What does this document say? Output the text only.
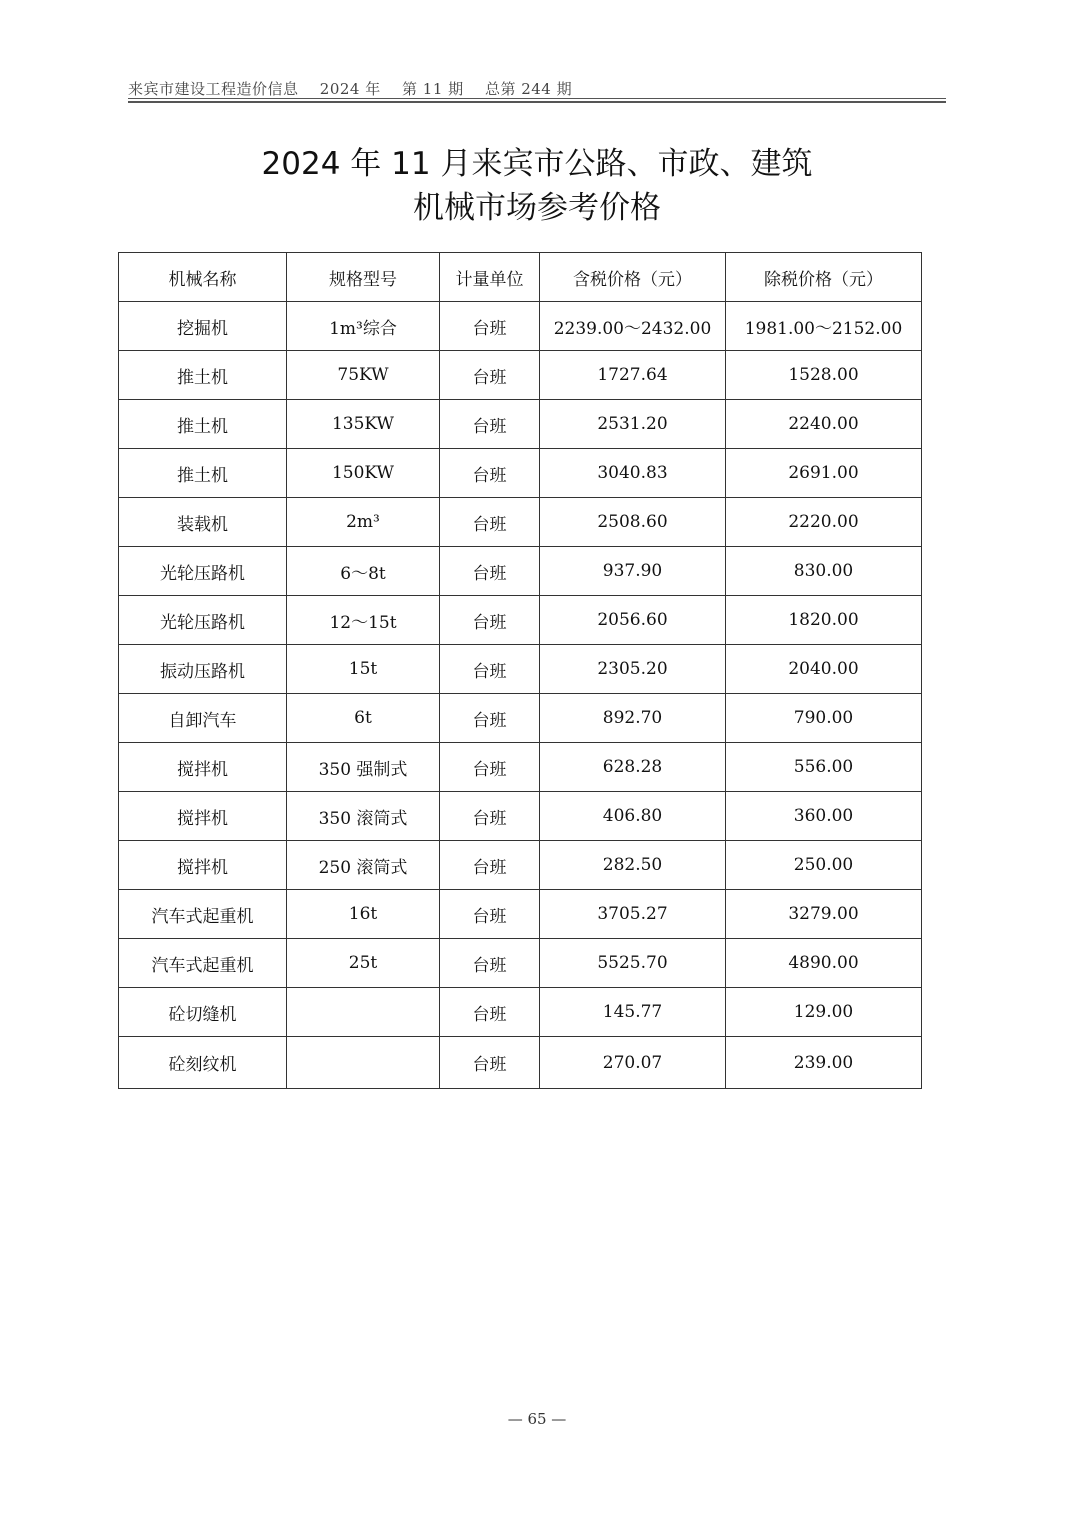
来宾市建设工程造价信息 2024 年 第 11 期 总第 244 期
2024 年 11 月来宾市公路、市政、建筑
机械市场参考价格
机械名称	规格型号	计量单位	含税价格（元）	除税价格（元）
挖掘机	1m³综合	台班	2239.00～2432.00	1981.00～2152.00
推土机	75KW	台班	1727.64	1528.00
推土机	135KW	台班	2531.20	2240.00
推土机	150KW	台班	3040.83	2691.00
装载机	2m³	台班	2508.60	2220.00
光轮压路机	6～8t	台班	937.90	830.00
光轮压路机	12～15t	台班	2056.60	1820.00
振动压路机	15t	台班	2305.20	2040.00
自卸汽车	6t	台班	892.70	790.00
搅拌机	350 强制式	台班	628.28	556.00
搅拌机	350 滚筒式	台班	406.80	360.00
搅拌机	250 滚筒式	台班	282.50	250.00
汽车式起重机	16t	台班	3705.27	3279.00
汽车式起重机	25t	台班	5525.70	4890.00
砼切缝机		台班	145.77	129.00
砼刻纹机		台班	270.07	239.00
— 65 —
